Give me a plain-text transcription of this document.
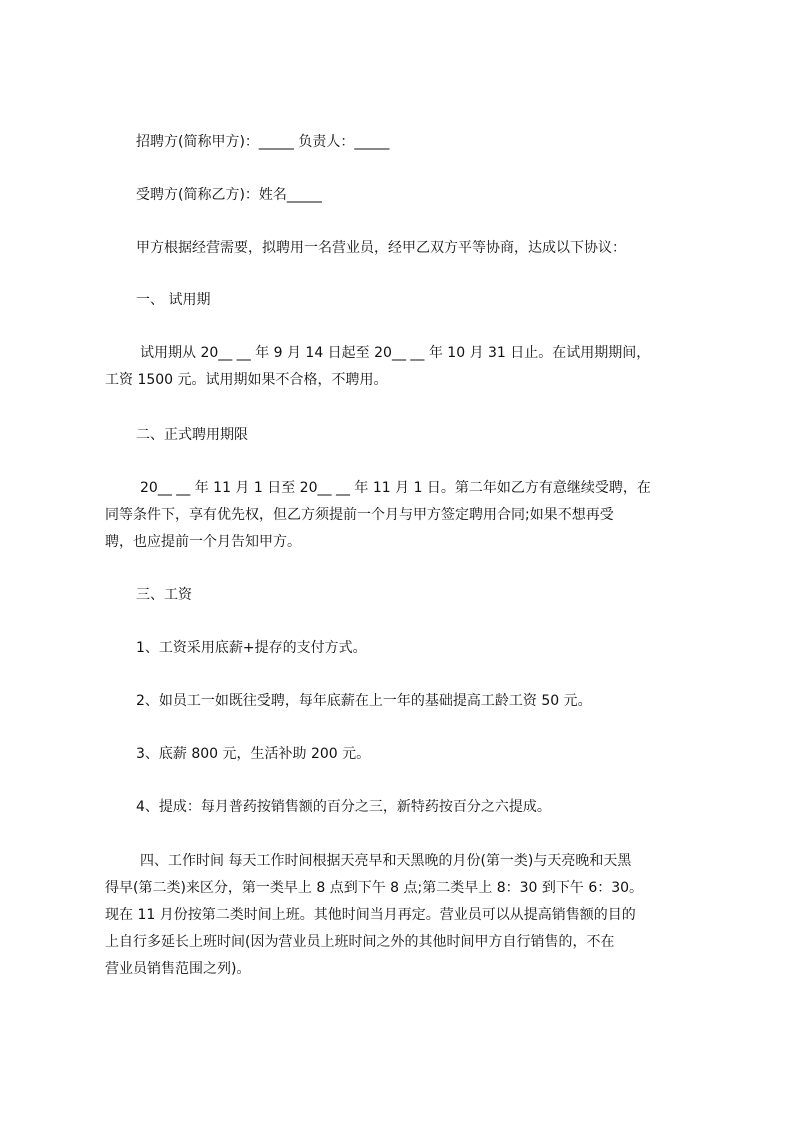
招聘方(简称甲方)：_____ 负责人：_____
受聘方(简称乙方)：姓名_____
甲方根据经营需要，拟聘用一名营业员，经甲乙双方平等协商，达成以下协议：
一、 试用期
试用期从 20__ __ 年 9 月 14 日起至 20__ __ 年 10 月 31 日止。在试用期期间，
工资 1500 元。试用期如果不合格，不聘用。
二、正式聘用期限
20__ __ 年 11 月 1 日至 20__ __ 年 11 月 1 日。第二年如乙方有意继续受聘，在
同等条件下，享有优先权，但乙方须提前一个月与甲方签定聘用合同;如果不想再受
聘，也应提前一个月告知甲方。
三、工资
1、工资采用底薪+提存的支付方式。
2、如员工一如既往受聘，每年底薪在上一年的基础提高工龄工资 50 元。
3、底薪 800 元，生活补助 200 元。
4、提成：每月普药按销售额的百分之三，新特药按百分之六提成。
四、工作时间 每天工作时间根据天亮早和天黑晚的月份(第一类)与天亮晚和天黑
得早(第二类)来区分，第一类早上 8 点到下午 8 点;第二类早上 8：30 到下午 6：30。
现在 11 月份按第二类时间上班。其他时间当月再定。营业员可以从提高销售额的目的
上自行多延长上班时间(因为营业员上班时间之外的其他时间甲方自行销售的，不在
营业员销售范围之列)。
